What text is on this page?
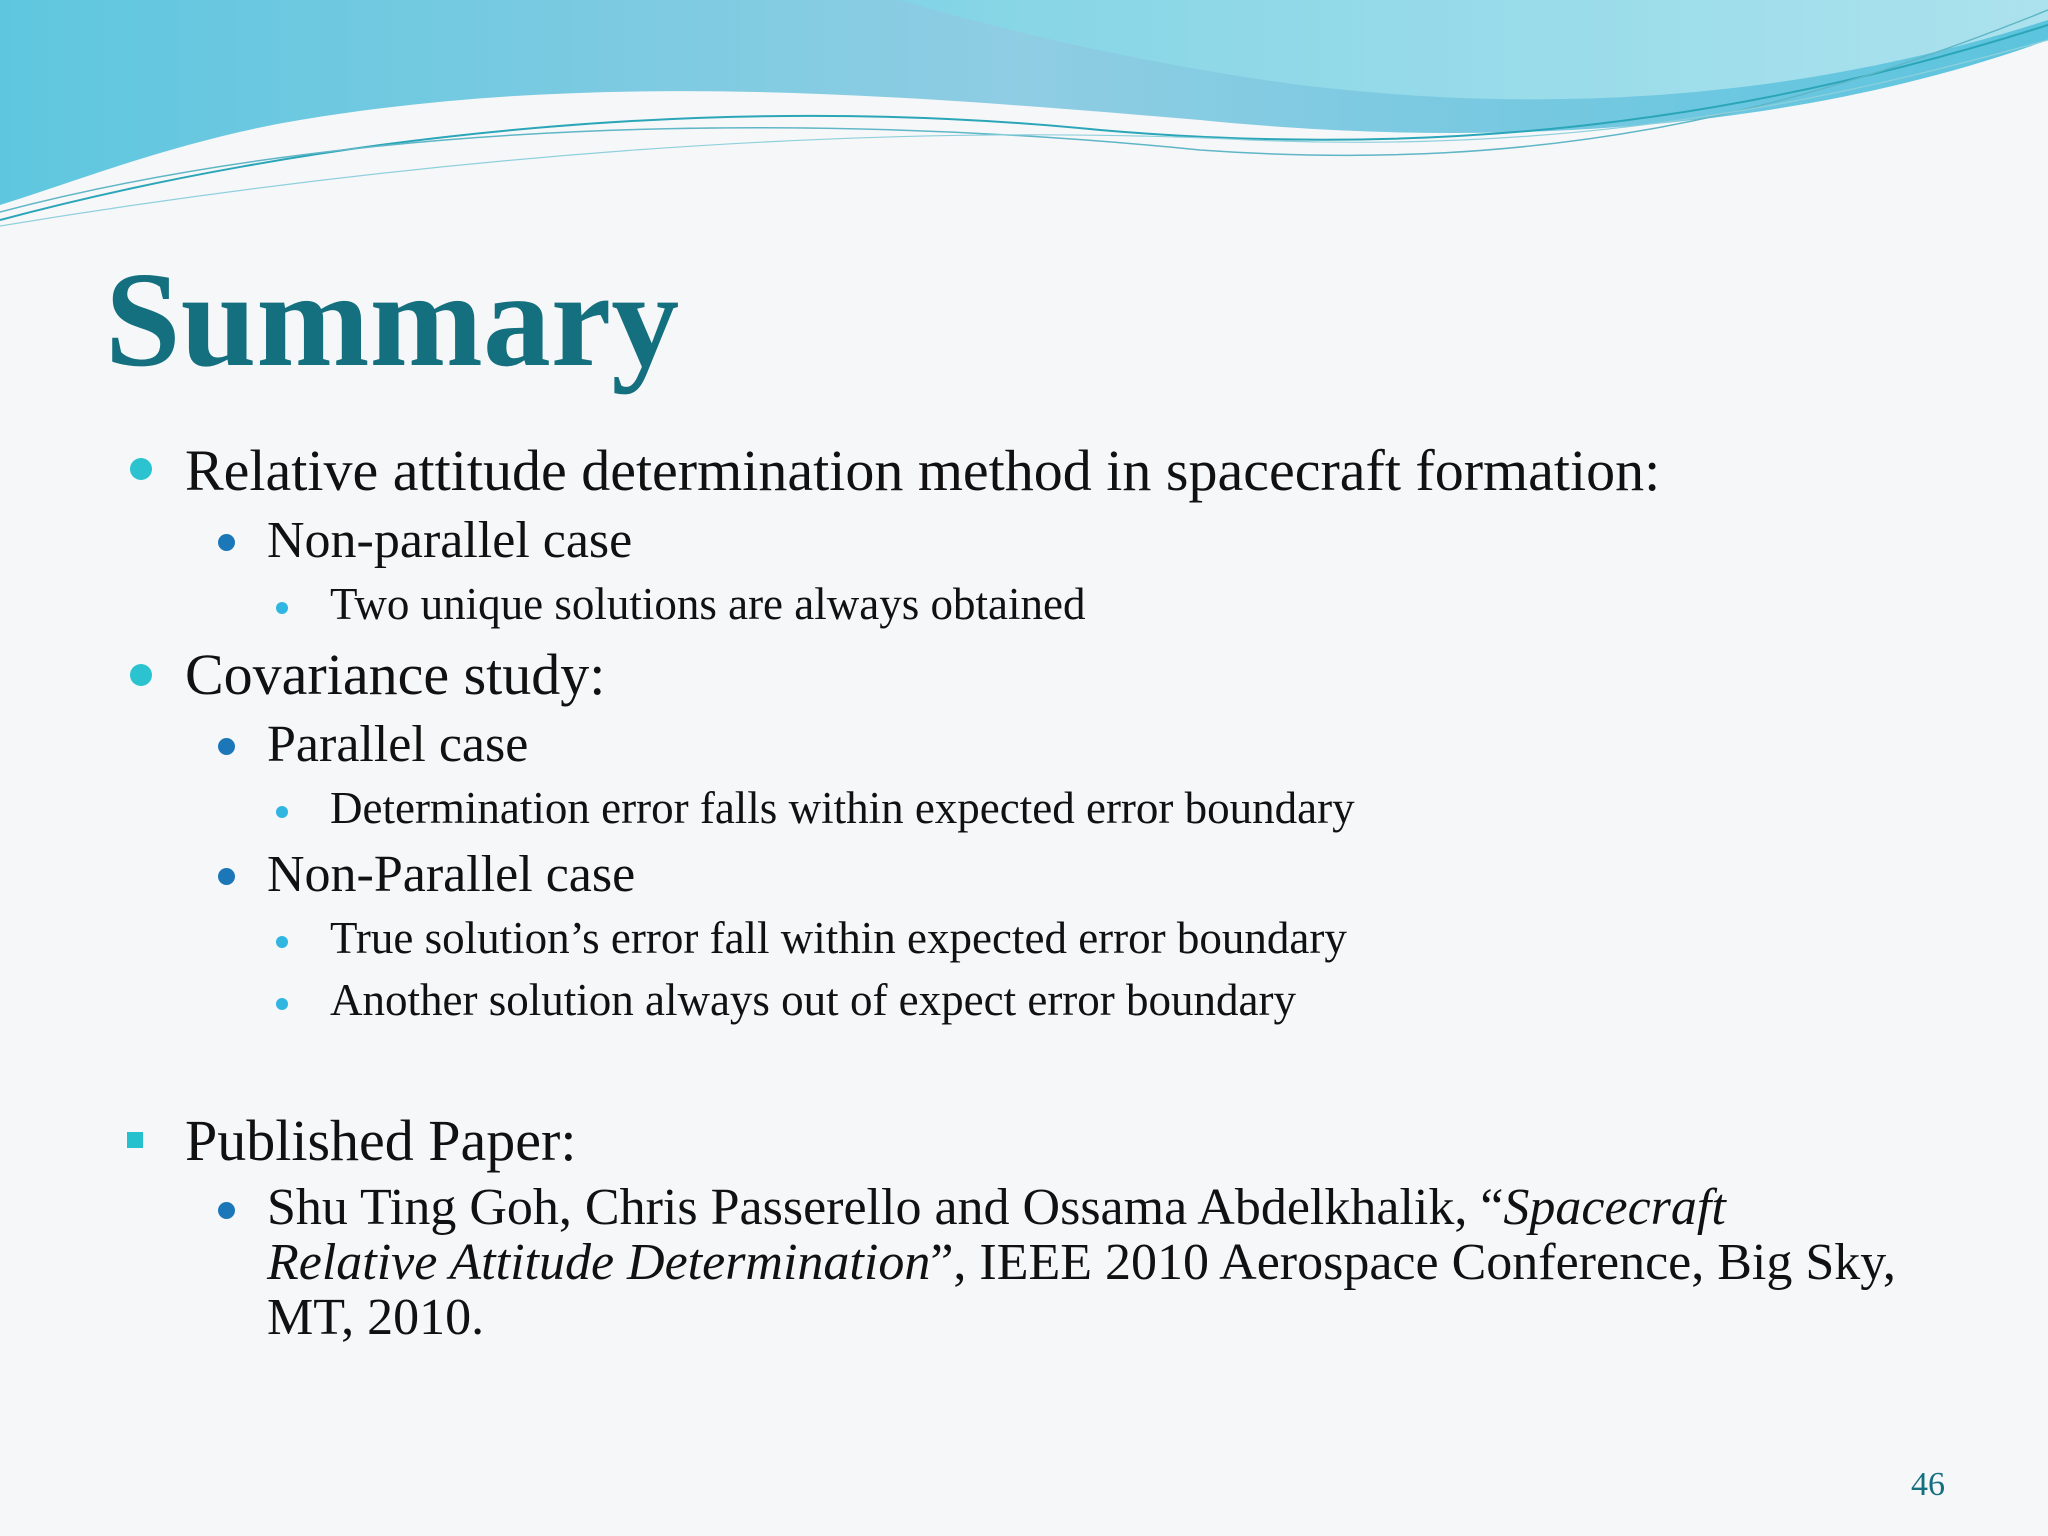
Summary
Relative attitude determination method in spacecraft formation:
Non-parallel case
Two unique solutions are always obtained
Covariance study:
Parallel case
Determination error falls within expected error boundary
Non-Parallel case
True solution’s error fall within expected error boundary
Another solution always out of expect error boundary
Published Paper:
Shu Ting Goh, Chris Passerello and Ossama Abdelkhalik, “Spacecraft Relative Attitude Determination”, IEEE 2010 Aerospace Conference, Big Sky, MT, 2010.
46
